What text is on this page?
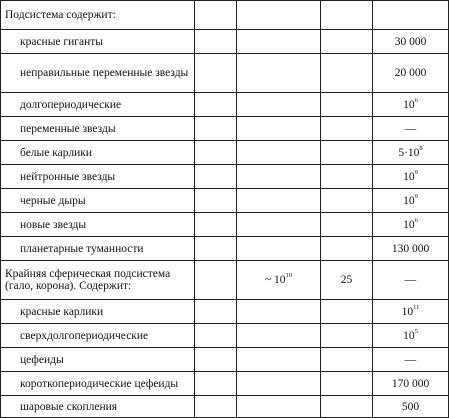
Подсистема содержит:				
красные гиганты				30 000
неправильные переменные звезды				20 000
долгопериодические				$10^6$
переменные звезды				—
белые карлики				$5\cdot 10^8$
нейтронные звезды				$10^9$
черные дыры				$10^9$
новые звезды				$10^6$
планетарные туманности				130 000
Крайняя сферическая подсистема (гало, корона). Содержит:		~ $10^{10}$	25	—
красные карлики				$10^{11}$
сверхдолгопериодические				$10^5$
цефеиды				—
короткопериодические цефеиды				170 000
шаровые скопления				500
